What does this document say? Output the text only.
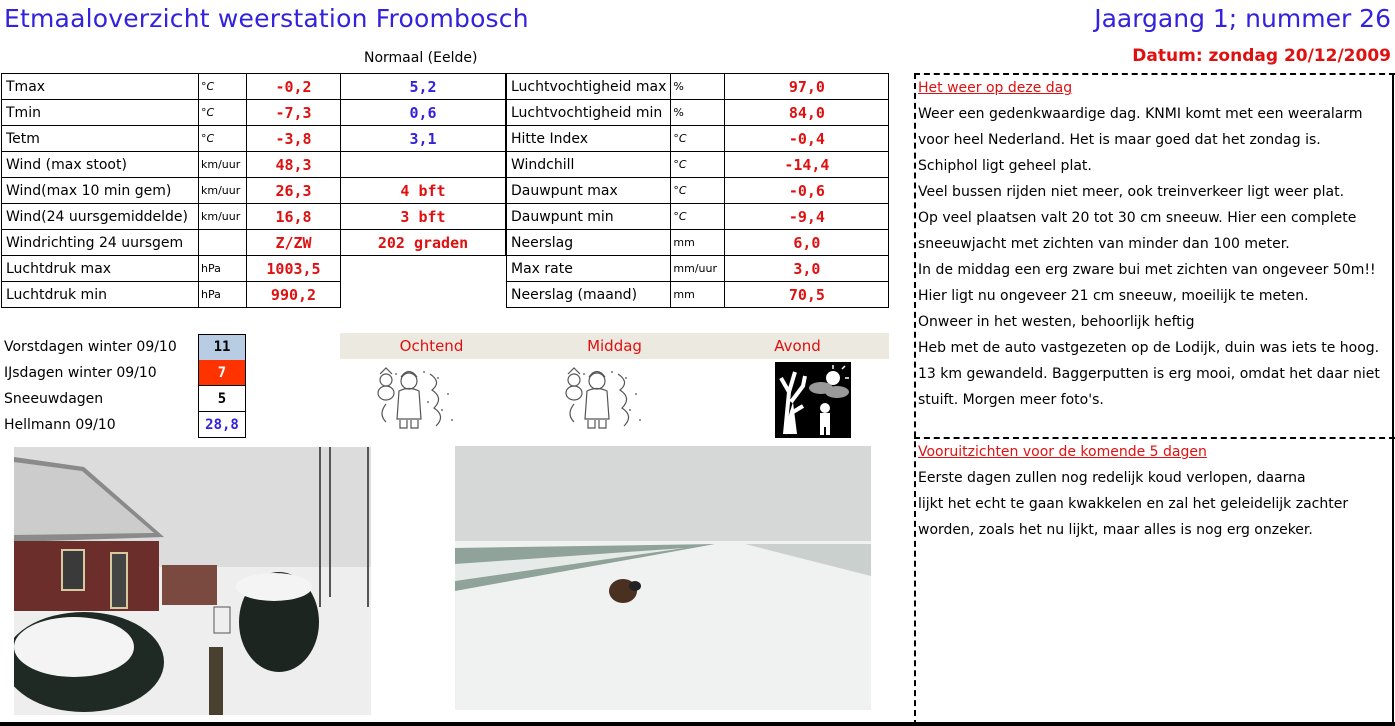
Etmaaloverzicht weerstation Froombosch	Jaargang 1; nummer 26
Datum: zondag 20/12/2009
Normaal (Eelde)
Tmax	°C	-0,2	5,2
Tmin	°C	-7,3	0,6
Tetm	°C	-3,8	3,1
Wind (max stoot)	km/uur	48,3	
Wind(max 10 min gem)	km/uur	26,3	4 bft
Wind(24 uursgemiddelde)	km/uur	16,8	3 bft
Windrichting 24 uursgem		Z/ZW	202 graden
Luchtdruk max	hPa	1003,5	
Luchtdruk min	hPa	990,2	
Luchtvochtigheid max	%	97,0
Luchtvochtigheid min	%	84,0
Hitte Index	°C	-0,4
Windchill	°C	-14,4
Dauwpunt max	°C	-0,6
Dauwpunt min	°C	-9,4
Neerslag	mm	6,0
Max rate	mm/uur	3,0
Neerslag (maand)	mm	70,5
Vorstdagen winter 09/10	11
IJsdagen winter 09/10	7
Sneeuwdagen	5
Hellmann 09/10	28,8
Ochtend	Middag	Avond
Het weer op deze dag
Weer een gedenkwaardige dag. KNMI komt met een weeralarm
voor heel Nederland. Het is maar goed dat het zondag is.
Schiphol ligt geheel plat.
Veel bussen rijden niet meer, ook treinverkeer ligt weer plat.
Op veel plaatsen valt 20 tot 30 cm sneeuw. Hier een complete
sneeuwjacht met zichten van minder dan 100 meter.
In de middag een erg zware bui met zichten van ongeveer 50m!!
Hier ligt nu ongeveer 21 cm sneeuw, moeilijk te meten.
Onweer in het westen, behoorlijk heftig
Heb met de auto vastgezeten op de Lodijk, duin was iets te hoog.
13 km gewandeld. Baggerputten is erg mooi, omdat het daar niet
stuift. Morgen meer foto's.
Vooruitzichten voor de komende 5 dagen
Eerste dagen zullen nog redelijk koud verlopen, daarna
lijkt het echt te gaan kwakkelen en zal het geleidelijk zachter
worden, zoals het nu lijkt, maar alles is nog erg onzeker.
